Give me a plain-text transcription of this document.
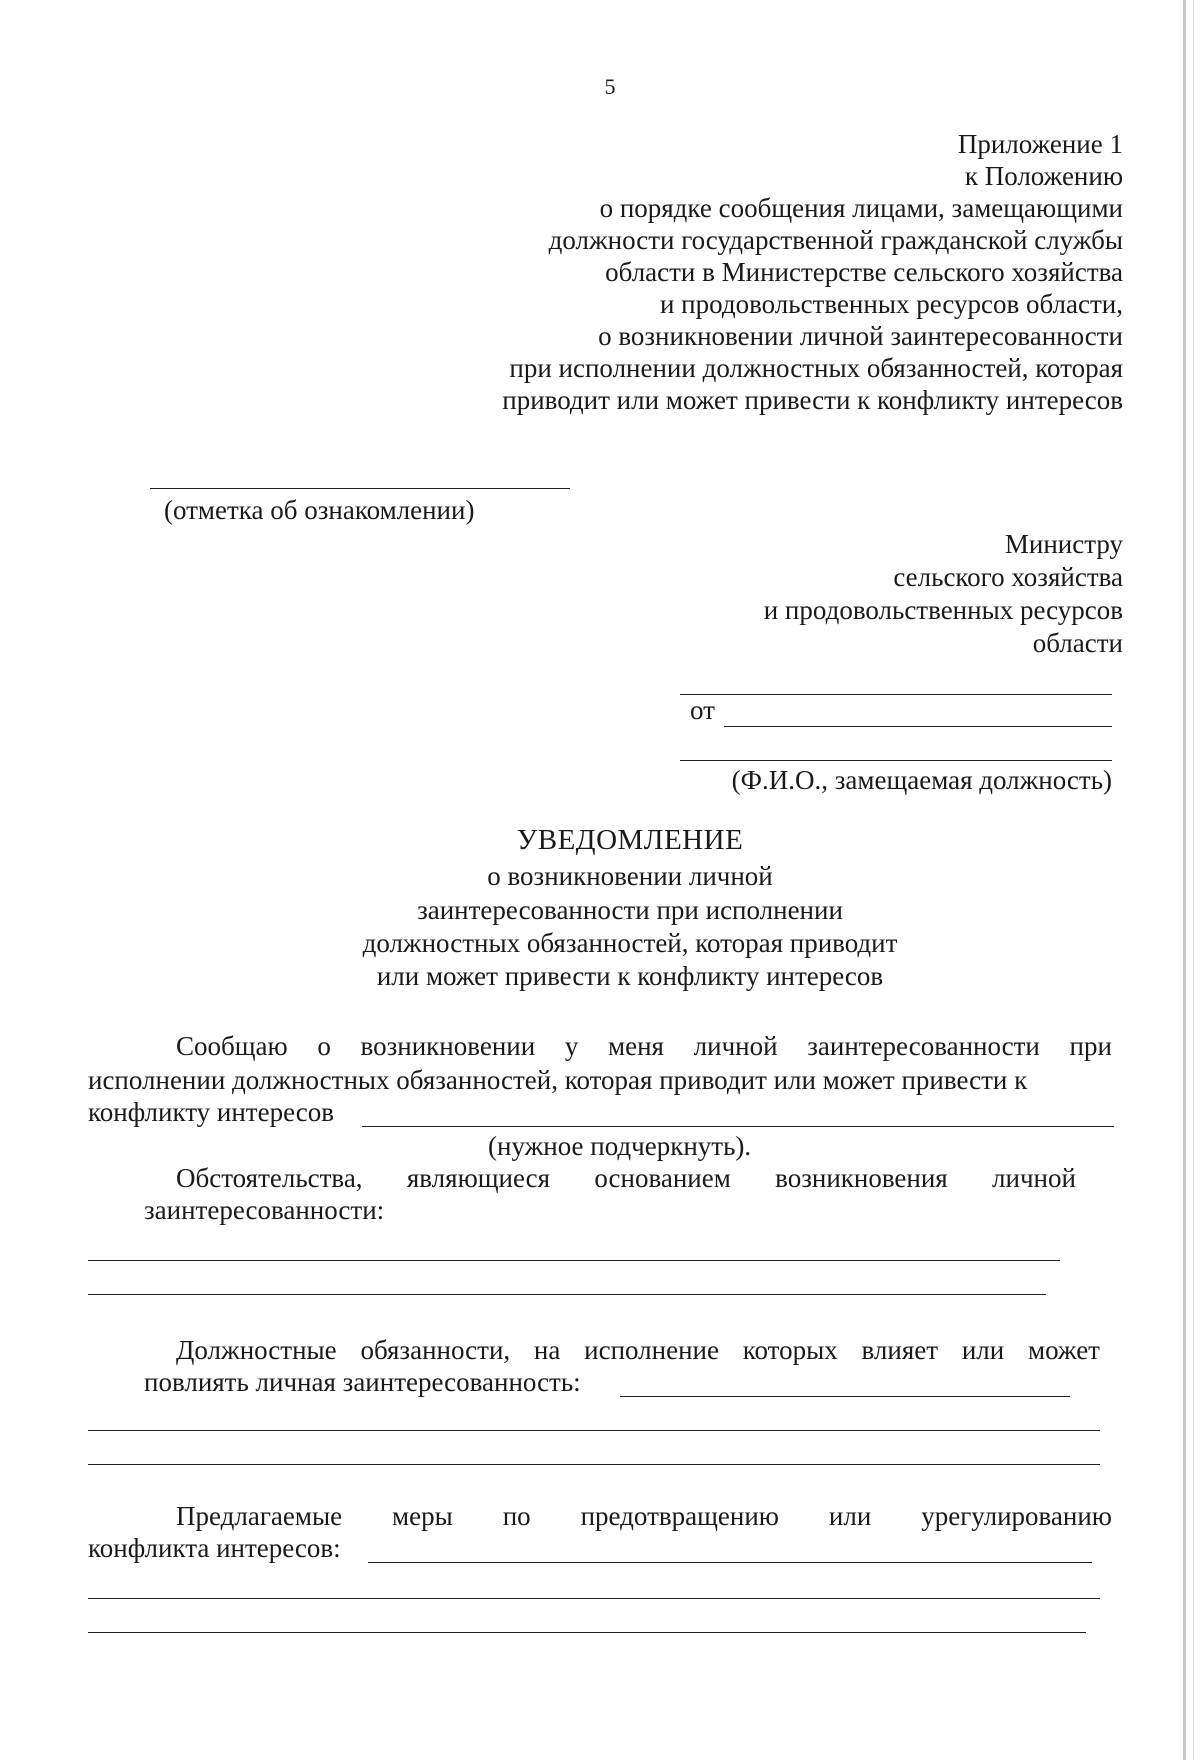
5
Приложение 1
к Положению
о порядке сообщения лицами, замещающими
должности государственной гражданской службы
области в Министерстве сельского хозяйства
и продовольственных ресурсов области,
о возникновении личной заинтересованности
при исполнении должностных обязанностей, которая
приводит или может привести к конфликту интересов
(отметка об ознакомлении)
Министру
сельского хозяйства
и продовольственных ресурсов
области
от
(Ф.И.О., замещаемая должность)
УВЕДОМЛЕНИЕ
о возникновении личной
заинтересованности при исполнении
должностных обязанностей, которая приводит
или может привести к конфликту интересов
Сообщаю о возникновении у меня личной заинтересованности при
исполнении должностных обязанностей, которая приводит или может привести к
конфликту интересов
(нужное подчеркнуть).
Обстоятельства, являющиеся основанием возникновения личной
заинтересованности:
Должностные обязанности, на исполнение которых влияет или может
повлиять личная заинтересованность:
Предлагаемые меры по предотвращению или урегулированию
конфликта интересов:
